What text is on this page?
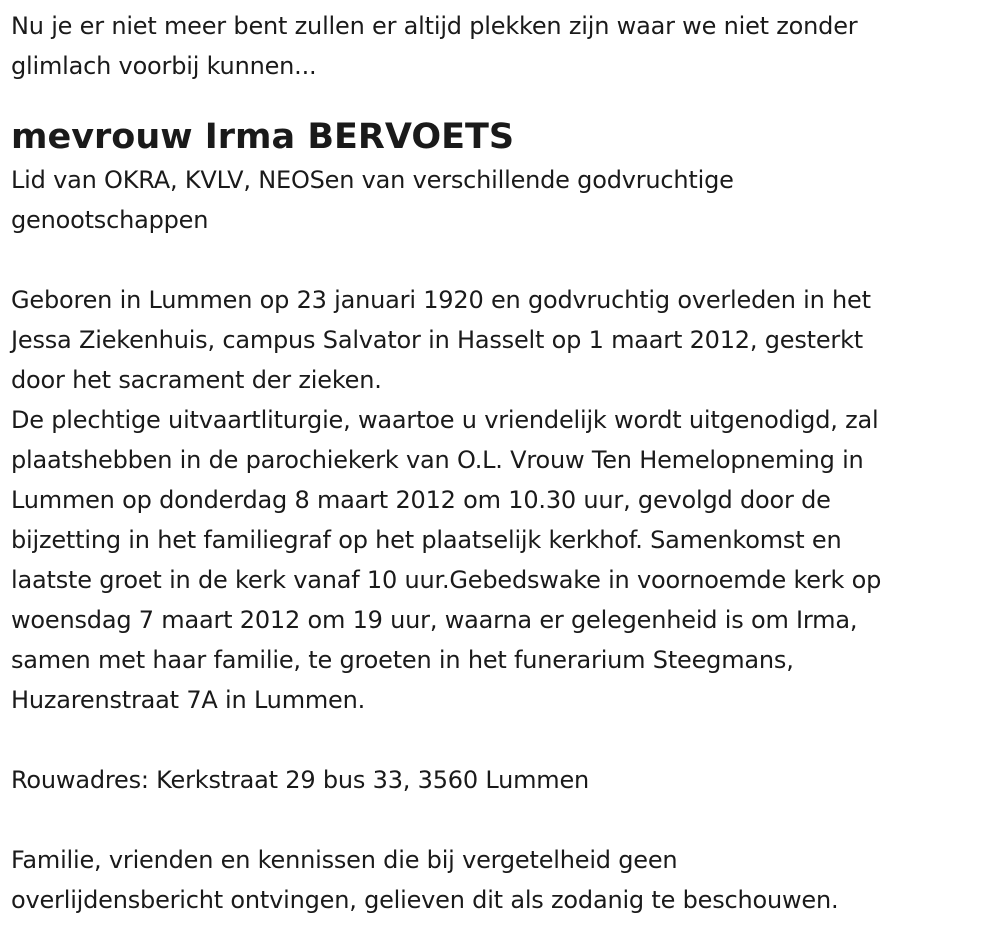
Nu je er niet meer bent zullen er altijd plekken zijn waar we niet zonder
glimlach voorbij kunnen...
mevrouw Irma BERVOETS
Lid van OKRA, KVLV, NEOSen van verschillende godvruchtige
genootschappen
Geboren in Lummen op 23 januari 1920 en godvruchtig overleden in het
Jessa Ziekenhuis, campus Salvator in Hasselt op 1 maart 2012, gesterkt
door het sacrament der zieken.
De plechtige uitvaartliturgie, waartoe u vriendelijk wordt uitgenodigd, zal
plaatshebben in de parochiekerk van O.L. Vrouw Ten Hemelopneming in
Lummen op donderdag 8 maart 2012 om 10.30 uur, gevolgd door de
bijzetting in het familiegraf op het plaatselijk kerkhof. Samenkomst en
laatste groet in de kerk vanaf 10 uur.Gebedswake in voornoemde kerk op
woensdag 7 maart 2012 om 19 uur, waarna er gelegenheid is om Irma,
samen met haar familie, te groeten in het funerarium Steegmans,
Huzarenstraat 7A in Lummen.
Rouwadres: Kerkstraat 29 bus 33, 3560 Lummen
Familie, vrienden en kennissen die bij vergetelheid geen
overlijdensbericht ontvingen, gelieven dit als zodanig te beschouwen.
